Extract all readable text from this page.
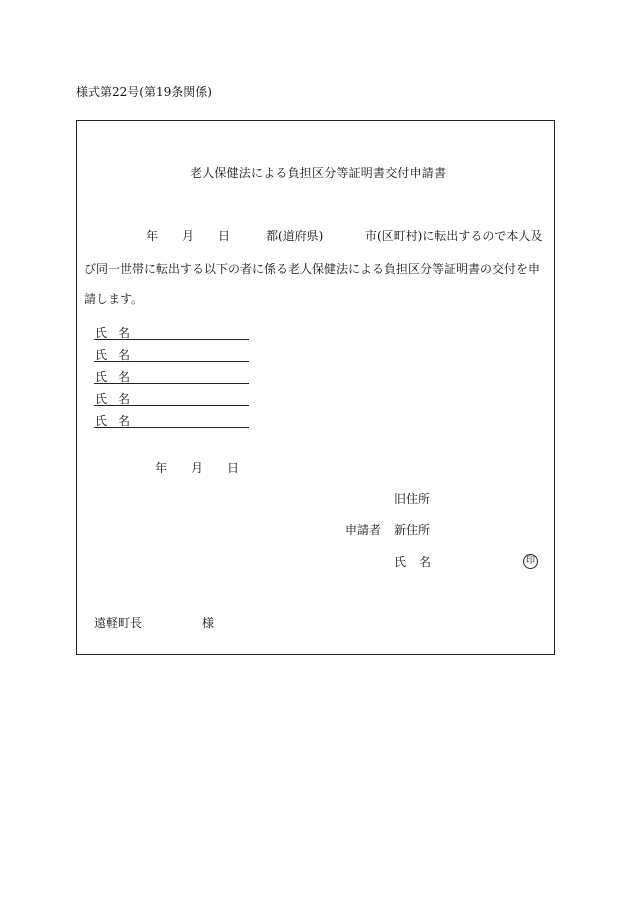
様式第22号(第19条関係)
老人保健法による負担区分等証明書交付申請書
年 月 日	都(道府県)	市(区町村)に転出するので本人及
び同一世帯に転出する以下の者に係る老人保健法による負担区分等証明書の交付を申
請します。
氏 名
氏 名
氏 名
氏 名
氏 名
年 月 日
旧住所
申請者 新住所
氏 名	印
遠軽町長	様
